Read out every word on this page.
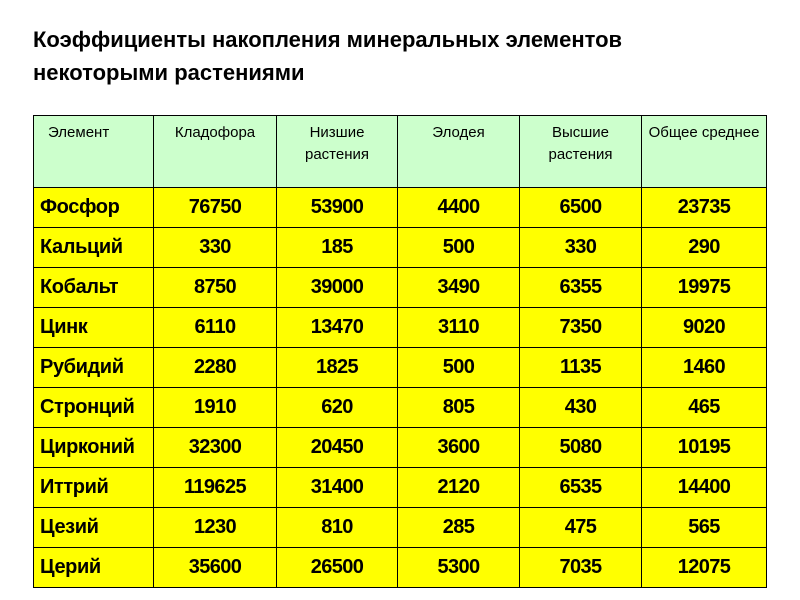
Коэффициенты накопления минеральных элементов
некоторыми растениями
Элемент	Кладофора	Низшие растения	Элодея	Высшие растения	Общее среднее
Фосфор	76750	53900	4400	6500	23735
Кальций	330	185	500	330	290
Кобальт	8750	39000	3490	6355	19975
Цинк	6110	13470	3110	7350	9020
Рубидий	2280	1825	500	1135	1460
Стронций	1910	620	805	430	465
Цирконий	32300	20450	3600	5080	10195
Иттрий	119625	31400	2120	6535	14400
Цезий	1230	810	285	475	565
Церий	35600	26500	5300	7035	12075
